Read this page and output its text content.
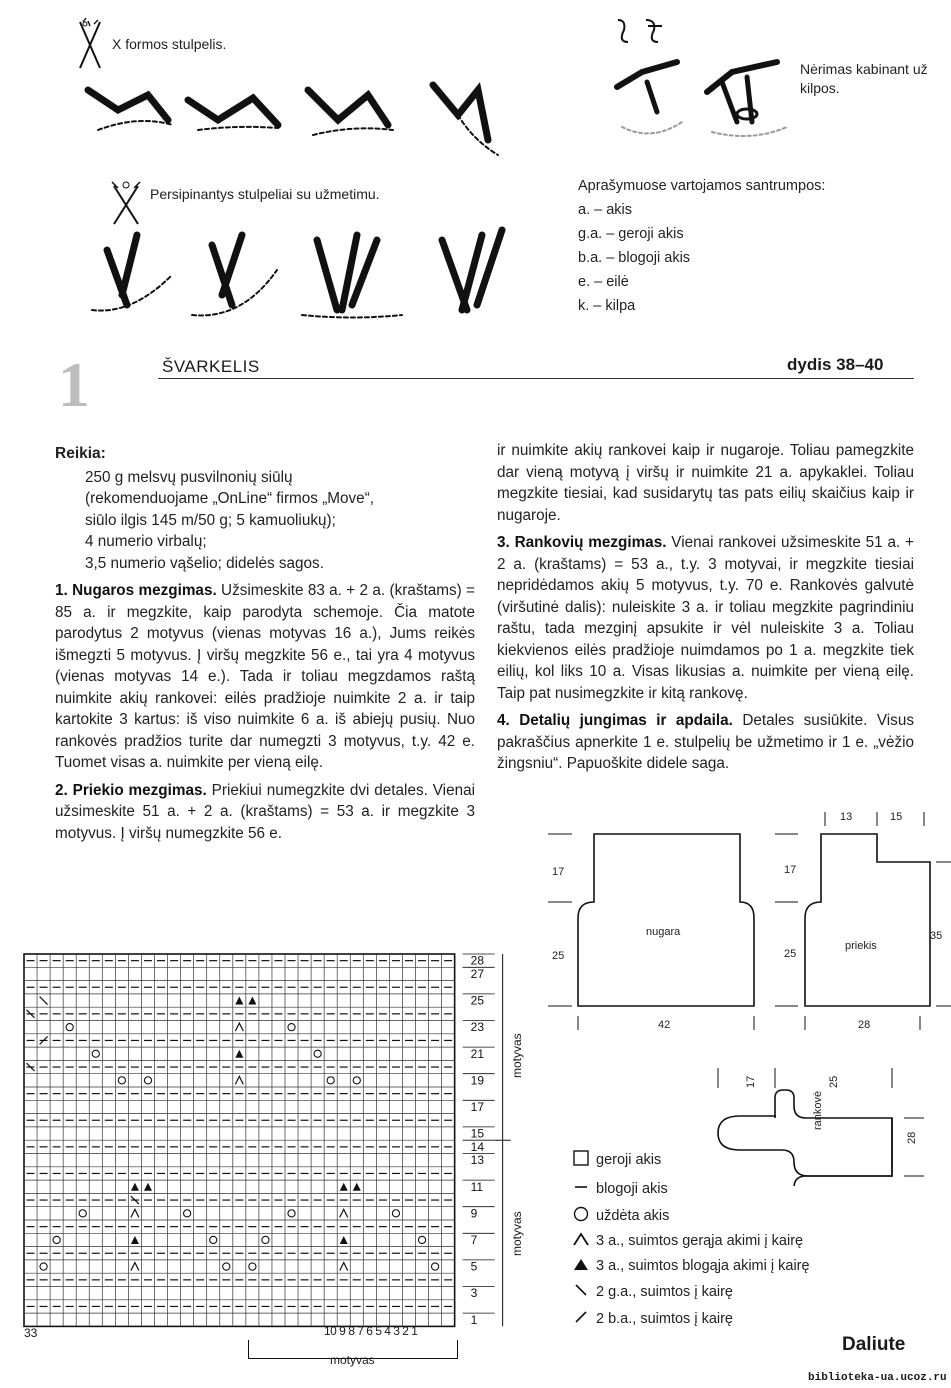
X formos stulpelis.
Persipinantys stulpeliai su užmetimu.
Nėrimas kabinant už kilpos.
Aprašymuose vartojamos santrumpos:
a. – akis
g.a. – geroji akis
b.a. – blogoji akis
e. – eilė
k. – kilpa
1	ŠVARKELIS	dydis 38–40
Reikia:
250 g melsvų pusvilnonių siūlų
(rekomenduojame „OnLine“ firmos „Move“,
siūlo ilgis 145 m/50 g; 5 kamuoliukų);
4 numerio virbalų;
3,5 numerio vąšelio; didelės sagos.

1. Nugaros mezgimas. Užsimeskite 83 a. + 2 a. (kraštams) = 85 a. ir megzkite, kaip parodyta schemoje. Čia matote parodytus 2 motyvus (vienas motyvas 16 a.), Jums reikės išmegzti 5 motyvus. Į viršų megzkite 56 e., tai yra 4 motyvus (vienas motyvas 14 e.). Tada ir toliau megzdamos raštą nuimkite akių rankovei: eilės pradžioje nuimkite 2 a. ir taip kartokite 3 kartus: iš viso nuimkite 6 a. iš abiejų pusių. Nuo rankovės pradžios turite dar numegzti 3 motyvus, t.y. 42 e. Tuomet visas a. nuimkite per vieną eilę.

2. Priekio mezgimas. Priekiui numegzkite dvi detales. Vienai užsimeskite 51 a. + 2 a. (kraštams) = 53 a. ir megzkite 3 motyvus. Į viršų numegzkite 56 e.

ir nuimkite akių rankovei kaip ir nugaroje. Toliau pamegzkite dar vieną motyvą į viršų ir nuimkite 21 a. apykaklei. Toliau megzkite tiesiai, kad susidarytų tas pats eilių skaičius kaip ir nugaroje.

3. Rankovių mezgimas. Vienai rankovei užsimeskite 51 a. + 2 a. (kraštams) = 53 a., t.y. 3 motyvai, ir megzkite tiesiai nepridėdamos akių 5 motyvus, t.y. 70 e. Rankovės galvutė (viršutinė dalis): nuleiskite 3 a. ir toliau megzkite pagrindiniu raštu, tada mezginį apsukite ir vėl nuleiskite 3 a. Toliau kiekvienos eilės pradžioje nuimdamos po 1 a. megzkite tiek eilių, kol liks 10 a. Visas likusias a. nuimkite per vieną eilę. Taip pat nusimegzkite ir kitą rankovę.

4. Detalių jungimas ir apdaila. Detales susiūkite. Visus pakraščius apnerkite 1 e. stulpelių be užmetimo ir 1 e. „vėžio žingsniu“. Papuoškite didele saga.

nugara
17
25
42
priekis
13	15
17
25
35
28
rankovė
17	25
28
28
27
25
23
21
19
17
15
14
13
11
9
7
5
3
1
10 9 8 7 6 5 4 3 2 1
33
motyvas
motyvas
motyvas
geroji akis
blogoji akis
uždėta akis
3 a., suimtos gerąja akimi į kairę
3 a., suimtos blogąja akimi į kairę
2 g.a., suimtos į kairę
2 b.a., suimtos į kairę
Daliute
biblioteka-ua.ucoz.ru
